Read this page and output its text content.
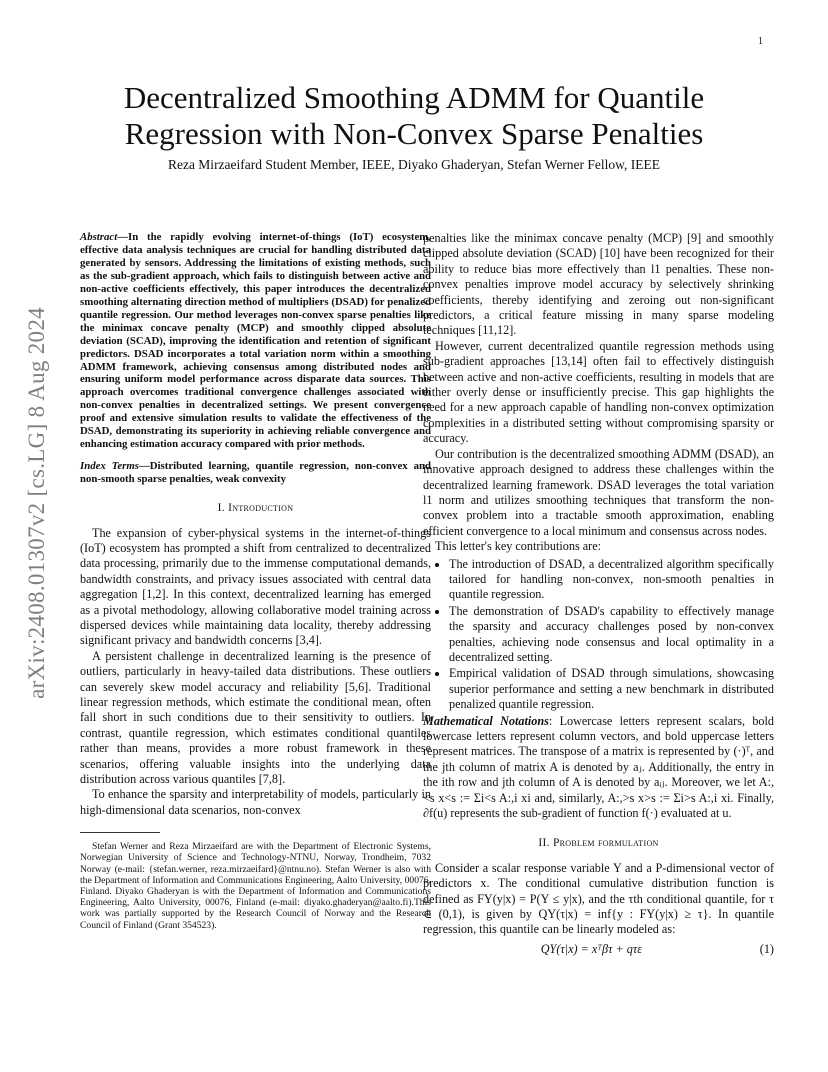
1
arXiv:2408.01307v2 [cs.LG] 8 Aug 2024
Decentralized Smoothing ADMM for Quantile
Regression with Non-Convex Sparse Penalties
Reza Mirzaeifard Student Member, IEEE, Diyako Ghaderyan, Stefan Werner Fellow, IEEE
Abstract—In the rapidly evolving internet-of-things (IoT) ecosystem, effective data analysis techniques are crucial for handling distributed data generated by sensors. Addressing the limitations of existing methods, such as the sub-gradient approach, which fails to distinguish between active and non-active coefficients effectively, this paper introduces the decentralized smoothing alternating direction method of multipliers (DSAD) for penalized quantile regression. Our method leverages non-convex sparse penalties like the minimax concave penalty (MCP) and smoothly clipped absolute deviation (SCAD), improving the identification and retention of significant predictors. DSAD incorporates a total variation norm within a smoothing ADMM framework, achieving consensus among distributed nodes and ensuring uniform model performance across disparate data sources. This approach overcomes traditional convergence challenges associated with non-convex penalties in decentralized settings. We present convergence proof and extensive simulation results to validate the effectiveness of the DSAD, demonstrating its superiority in achieving reliable convergence and enhancing estimation accuracy compared with prior methods.
Index Terms—Distributed learning, quantile regression, non-convex and non-smooth sparse penalties, weak convexity
I. Introduction

The expansion of cyber-physical systems in the internet-of-things (IoT) ecosystem has prompted a shift from centralized to decentralized data processing, primarily due to the immense computational demands, bandwidth constraints, and privacy issues associated with central data aggregation [1,2]. In this context, decentralized learning has emerged as a pivotal methodology, allowing collaborative model training across dispersed devices while maintaining data locality, thereby addressing significant privacy and bandwidth concerns [3,4].

A persistent challenge in decentralized learning is the presence of outliers, particularly in heavy-tailed data distributions. These outliers can severely skew model accuracy and reliability [5,6]. Traditional linear regression methods, which estimate the conditional mean, often fall short in such conditions due to their sensitivity to outliers. In contrast, quantile regression, which estimates conditional quantiles rather than means, provides a more robust framework in these scenarios, offering valuable insights into the underlying data distribution across various quantiles [7,8].

To enhance the sparsity and interpretability of models, particularly in high-dimensional data scenarios, non-convex

Stefan Werner and Reza Mirzaeifard are with the Department of Electronic Systems, Norwegian University of Science and Technology-NTNU, Norway, Trondheim, 7032 Norway (e-mail: {stefan.werner, reza.mirzaeifard}@ntnu.no). Stefan Werner is also with the Department of Information and Communications Engineering, Aalto University, 00076, Finland. Diyako Ghaderyan is with the Department of Information and Communications Engineering, Aalto University, 00076, Finland (e-mail: diyako.ghaderyan@aalto.fi).This work was partially supported by the Research Council of Norway and the Research Council of Finland (Grant 354523).

penalties like the minimax concave penalty (MCP) [9] and smoothly clipped absolute deviation (SCAD) [10] have been recognized for their ability to reduce bias more effectively than l1 penalties. These non-convex penalties improve model accuracy by selectively shrinking coefficients, thereby identifying and zeroing out non-significant predictors, a critical feature missing in many sparse modeling techniques [11,12].

However, current decentralized quantile regression methods using sub-gradient approaches [13,14] often fail to effectively distinguish between active and non-active coefficients, resulting in models that are either overly dense or insufficiently precise. This gap highlights the need for a new approach capable of handling non-convex optimization complexities in a distributed setting without compromising sparsity or accuracy.

Our contribution is the decentralized smoothing ADMM (DSAD), an innovative approach designed to address these challenges within the decentralized learning framework. DSAD leverages the total variation l1 norm and utilizes smoothing techniques that transform the non-convex problem into a tractable smooth approximation, enabling efficient convergence to a local minimum and consensus across nodes.

This letter's key contributions are:

• The introduction of DSAD, a decentralized algorithm specifically tailored for handling non-convex, non-smooth penalties in quantile regression.
• The demonstration of DSAD's capability to effectively manage the sparsity and accuracy challenges posed by non-convex penalties, achieving node consensus and local optimality in a decentralized setting.
• Empirical validation of DSAD through simulations, showcasing superior performance and setting a new benchmark in distributed penalized quantile regression.

Mathematical Notations: Lowercase letters represent scalars, bold lowercase letters represent column vectors, and bold uppercase letters represent matrices. The transpose of a matrix is represented by (·)ᵀ, and the jth column of matrix A is denoted by aⱼ. Additionally, the entry in the ith row and jth column of A is denoted by aᵢⱼ. Moreover, we let A:,<s x<s := Σi<s A:,i xi and, similarly, A:,>s x>s := Σi>s A:,i xi. Finally, ∂f(u) represents the sub-gradient of function f(·) evaluated at u.

II. Problem formulation

Consider a scalar response variable Y and a P-dimensional vector of predictors x. The conditional cumulative distribution function is defined as FY(y|x) = P(Y ≤ y|x), and the τth conditional quantile, for τ ∈ (0,1), is given by QY(τ|x) = inf{y : FY(y|x) ≥ τ}. In quantile regression, this quantile can be linearly modeled as:

QY(τ|x) = xᵀβτ + qτε	(1)
